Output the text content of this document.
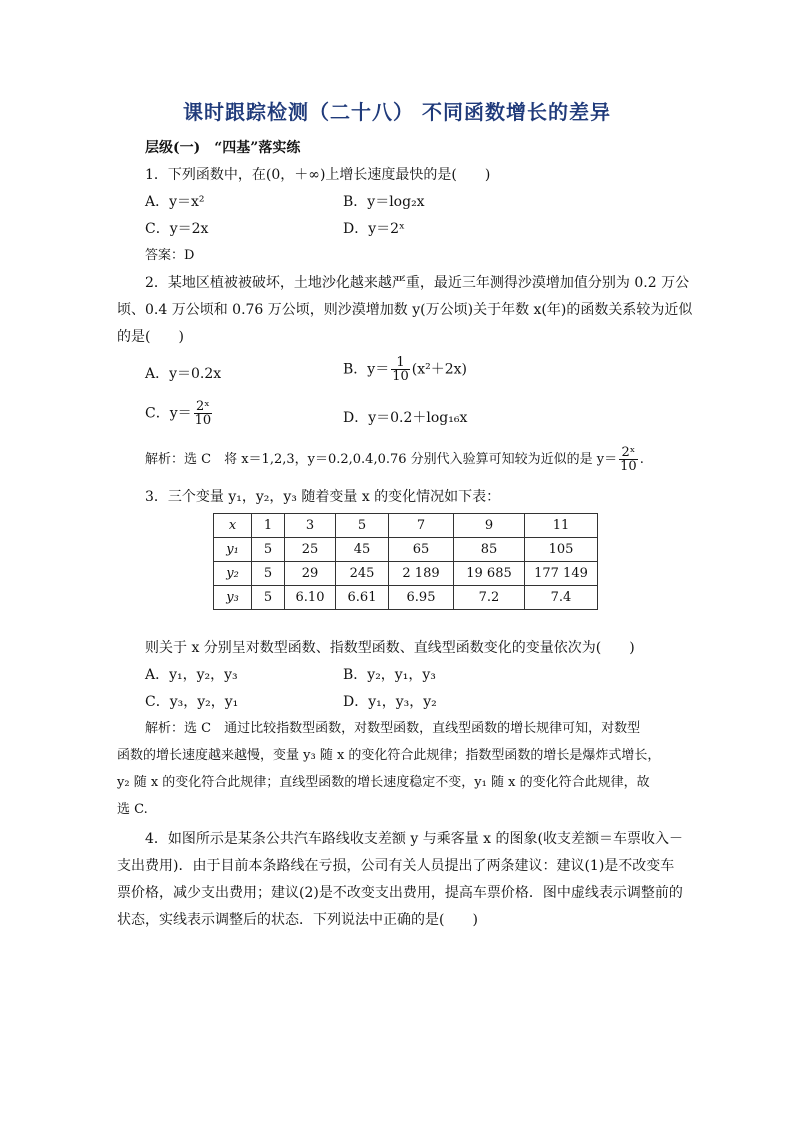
课时跟踪检测（二十八） 不同函数增长的差异
层级(一)　“四基”落实练
1．下列函数中，在(0，＋∞)上增长速度最快的是(　　)
A．y＝x²	B．y＝log₂x
C．y＝2x	D．y＝2ˣ
答案：D
2．某地区植被被破坏，土地沙化越来越严重，最近三年测得沙漠增加值分别为 0.2 万公
顷、0.4 万公顷和 0.76 万公顷，则沙漠增加数 y(万公顷)关于年数 x(年)的函数关系较为近似
的是(　　)
A．y＝0.2x	B．$y= \frac{1}{10} (x^2+2x)$
C．$y= \frac{\text{2ˣ}}{10}$	D．y＝0.2＋log₁₆x
解析：选 C　将 x＝1,2,3，y＝0.2,0.4,0.76 分别代入验算可知较为近似的是 $y= \frac{\text{2ˣ}}{10}$ .
3．三个变量 y₁，y₂，y₃ 随着变量 x 的变化情况如下表：
x	1	3	5	7	9	11
y₁	5	25	45	65	85	105
y₂	5	29	245	2 189	19 685	177 149
y₃	5	6.10	6.61	6.95	7.2	7.4
则关于 x 分别呈对数型函数、指数型函数、直线型函数变化的变量依次为(　　)
A．y₁，y₂，y₃	B．y₂，y₁，y₃
C．y₃，y₂，y₁	D．y₁，y₃，y₂
解析：选 C　通过比较指数型函数，对数型函数，直线型函数的增长规律可知，对数型
函数的增长速度越来越慢，变量 y₃ 随 x 的变化符合此规律；指数型函数的增长是爆炸式增长，
y₂ 随 x 的变化符合此规律；直线型函数的增长速度稳定不变，y₁ 随 x 的变化符合此规律，故
选 C.
4．如图所示是某条公共汽车路线收支差额 y 与乘客量 x 的图象(收支差额＝车票收入－
支出费用)．由于目前本条路线在亏损，公司有关人员提出了两条建议：建议(1)是不改变车
票价格，减少支出费用；建议(2)是不改变支出费用，提高车票价格．图中虚线表示调整前的
状态，实线表示调整后的状态．下列说法中正确的是(　　)
